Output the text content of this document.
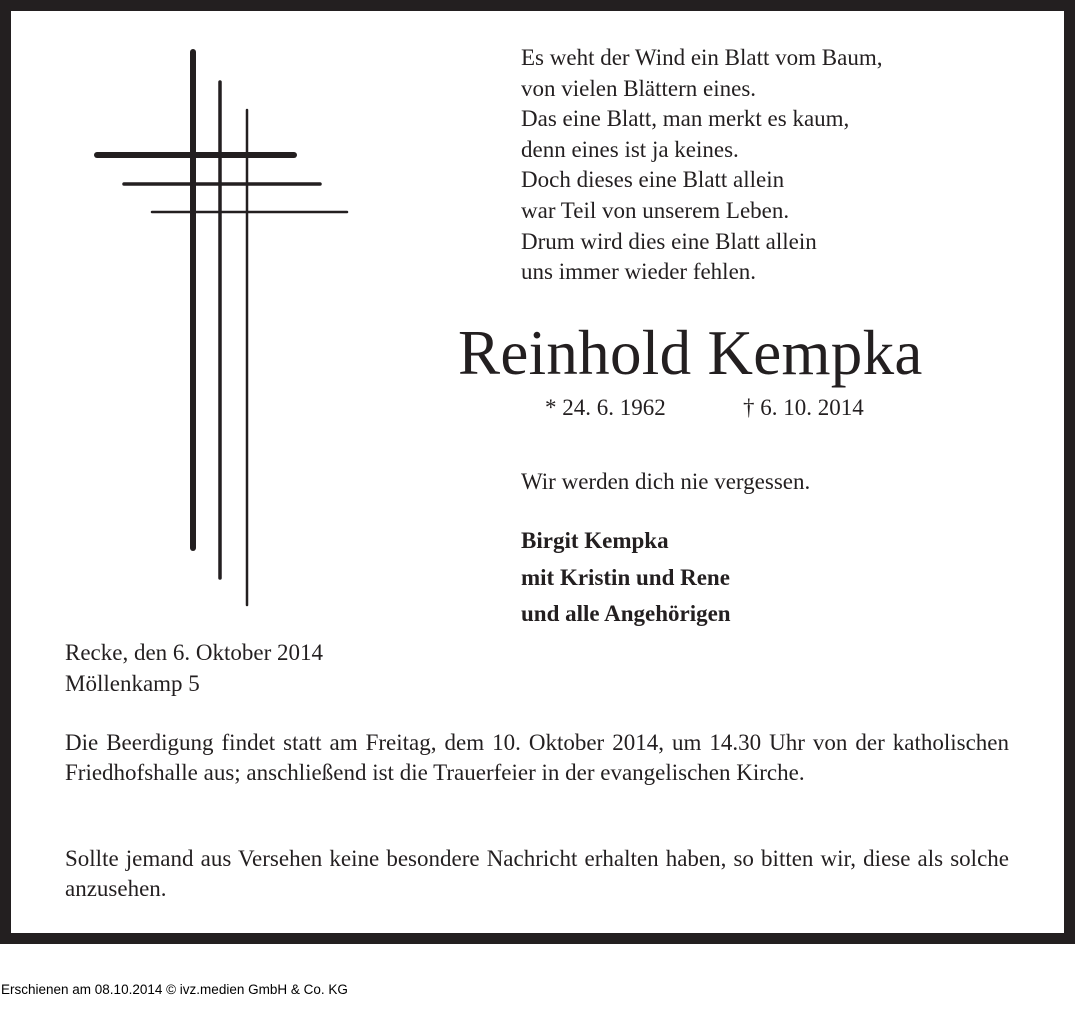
Es weht der Wind ein Blatt vom Baum,
von vielen Blättern eines.
Das eine Blatt, man merkt es kaum,
denn eines ist ja keines.
Doch dieses eine Blatt allein
war Teil von unserem Leben.
Drum wird dies eine Blatt allein
uns immer wieder fehlen.
Reinhold Kempka
* 24. 6. 1962	† 6. 10. 2014
Wir werden dich nie vergessen.
Birgit Kempka
mit Kristin und Rene
und alle Angehörigen
Recke, den 6. Oktober 2014
Möllenkamp 5
Die Beerdigung findet statt am Freitag, dem 10. Oktober 2014, um 14.30 Uhr von der katholischen Friedhofshalle aus; anschließend ist die Trauerfeier in der evangelischen Kirche.
Sollte jemand aus Versehen keine besondere Nachricht erhalten haben, so bitten wir, diese als solche anzusehen.
Erschienen am 08.10.2014 © ivz.medien GmbH & Co. KG
